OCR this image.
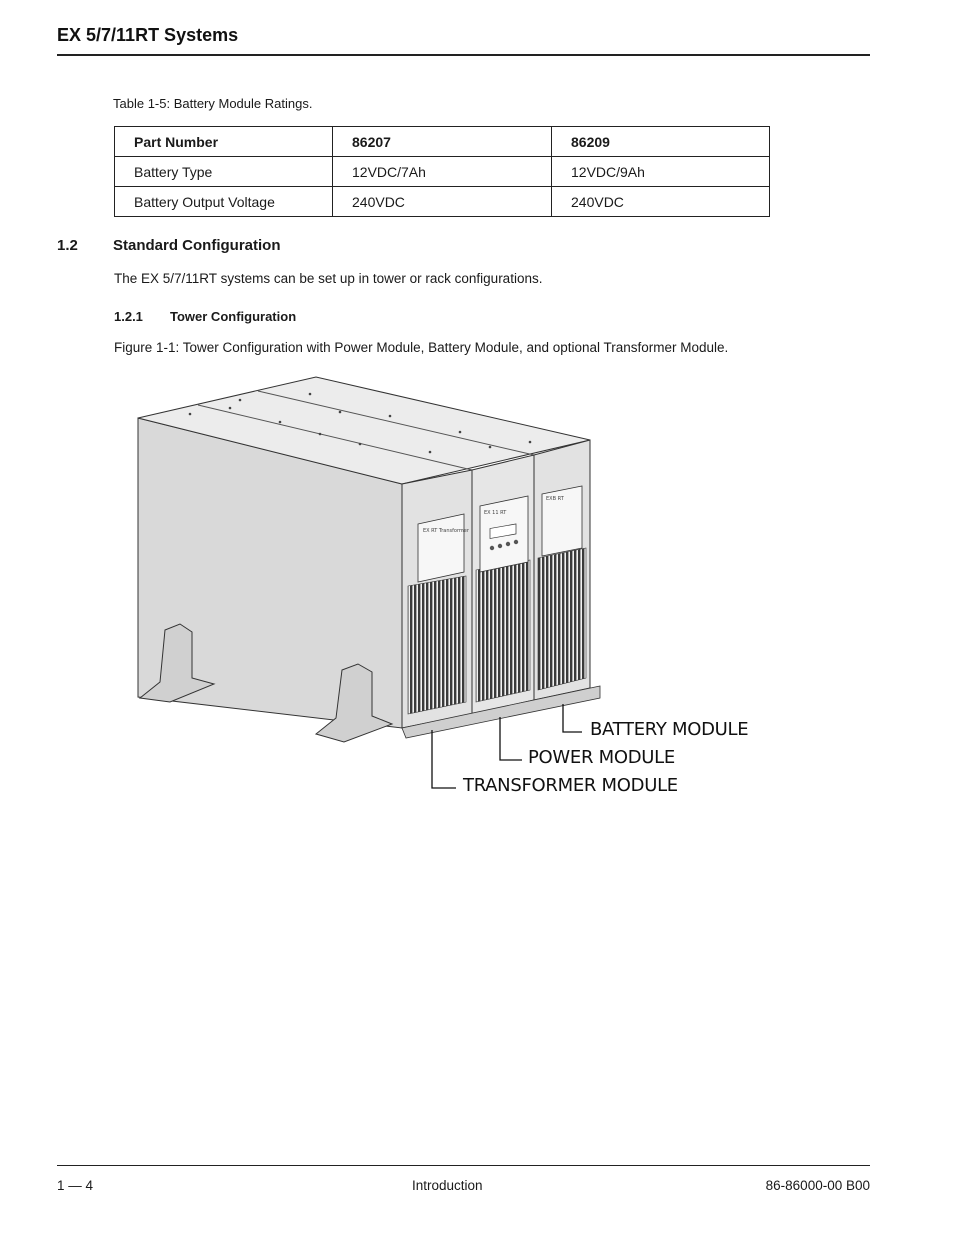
EX 5/7/11RT Systems
Table 1-5: Battery Module Ratings.
Part Number	86207	86209
Battery Type	12VDC/7Ah	12VDC/9Ah
Battery Output Voltage	240VDC	240VDC
1.2 Standard Configuration
The EX 5/7/11RT systems can be set up in tower or rack configurations.
1.2.1 Tower Configuration
Figure 1-1: Tower Configuration with Power Module, Battery Module, and optional Transformer Module.
EX RT Transformer
EX 11 RT
EXB RT
BATTERY MODULE
POWER MODULE
TRANSFORMER MODULE
1 — 4	Introduction	86-86000-00 B00
